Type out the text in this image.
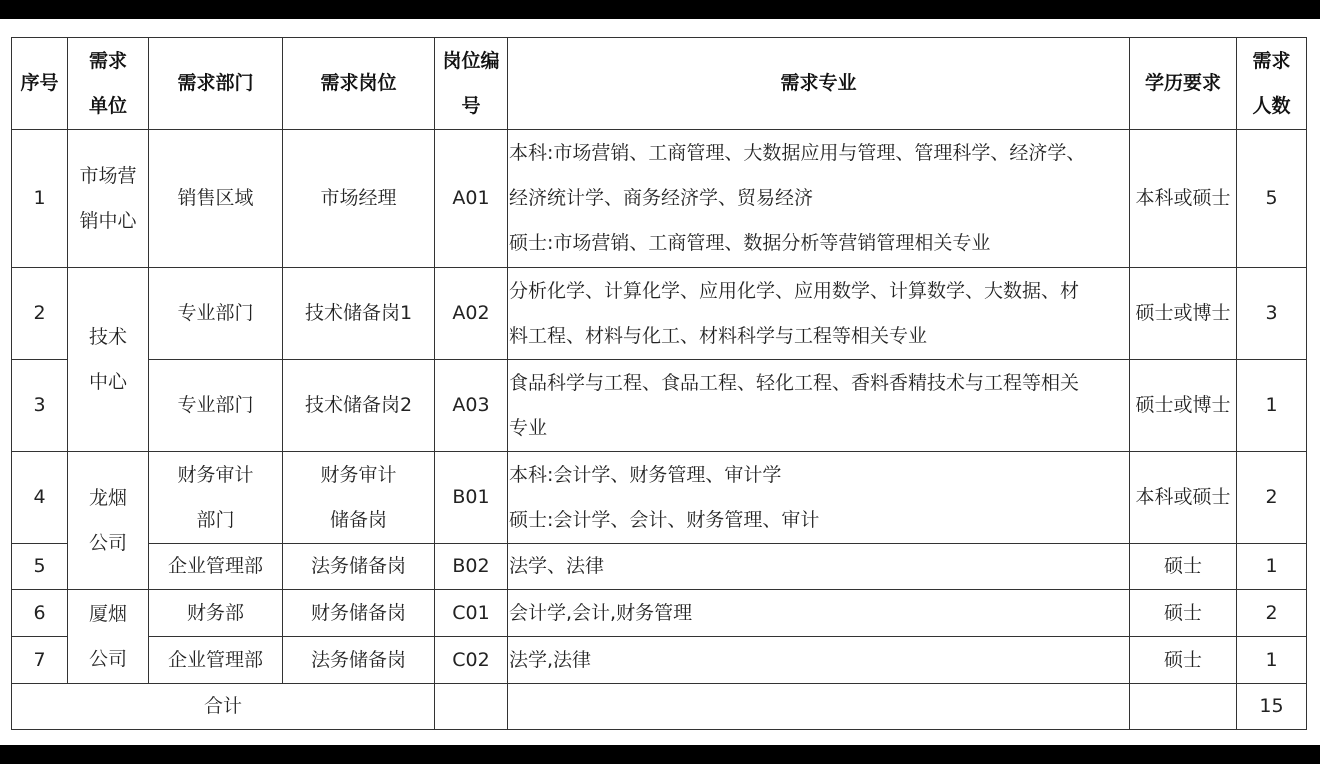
序号	需求
单位	需求部门	需求岗位	岗位编
号	需求专业	学历要求	需求
人数

1	市场营
销中心	销售区域	市场经理	A01	本科:市场营销、工商管理、大数据应用与管理、管理科学、经济学、
经济统计学、商务经济学、贸易经济
硕士:市场营销、工商管理、数据分析等营销管理相关专业	本科或硕士	5
2	技术
中心	专业部门	技术储备岗1	A02	分析化学、计算化学、应用化学、应用数学、计算数学、大数据、材
料工程、材料与化工、材料科学与工程等相关专业	硕士或博士	3
3		专业部门	技术储备岗2	A03	食品科学与工程、食品工程、轻化工程、香料香精技术与工程等相关
专业	硕士或博士	1
4	龙烟
公司	财务审计
部门	财务审计
储备岗	B01	本科:会计学、财务管理、审计学
硕士:会计学、会计、财务管理、审计	本科或硕士	2
5		企业管理部	法务储备岗	B02	法学、法律	硕士	1
6	厦烟
公司	财务部	财务储备岗	C01	会计学,会计,财务管理	硕士	2
7		企业管理部	法务储备岗	C02	法学,法律	硕士	1
合计							15
